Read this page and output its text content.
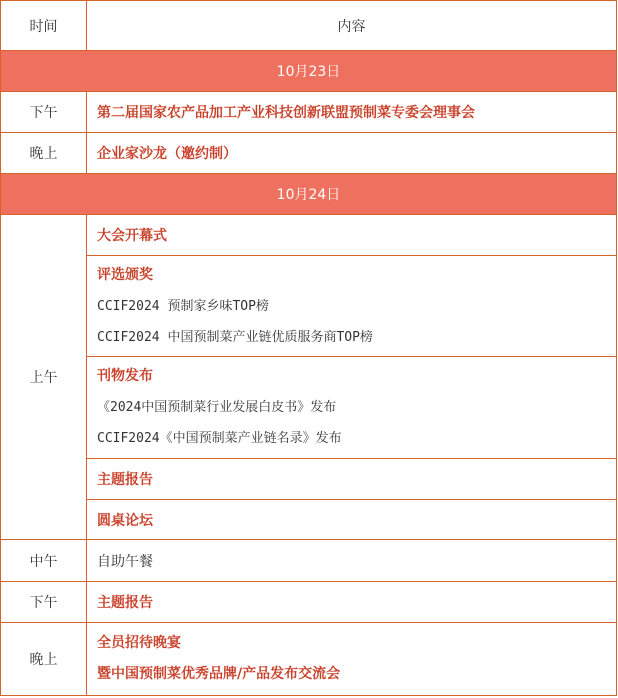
时间	内容
10月23日	
下午	第二届国家农产品加工产业科技创新联盟预制菜专委会理事会
晚上	企业家沙龙（邀约制）
10月24日	
上午	大会开幕式

	评选颁奖
CCIF2024 预制家乡味TOP榜
CCIF2024 中国预制菜产业链优质服务商TOP榜

	刊物发布
《2024中国预制菜行业发展白皮书》发布
CCIF2024《中国预制菜产业链名录》发布

	主题报告
	圆桌论坛
中午	自助午餐
下午	主题报告
晚上	全员招待晚宴
暨中国预制菜优秀品牌/产品发布交流会
